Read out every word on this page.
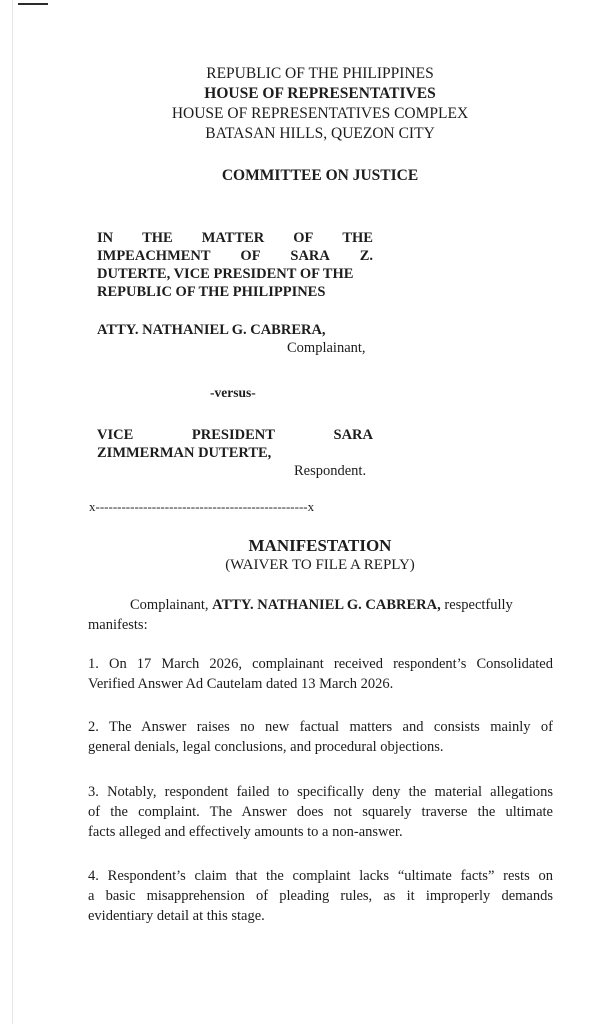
REPUBLIC OF THE PHILIPPINES
HOUSE OF REPRESENTATIVES
HOUSE OF REPRESENTATIVES COMPLEX
BATASAN HILLS, QUEZON CITY
COMMITTEE ON JUSTICE
IN THE MATTER OF THE
IMPEACHMENT OF SARA Z.
DUTERTE, VICE PRESIDENT OF THE
REPUBLIC OF THE PHILIPPINES
ATTY. NATHANIEL G. CABRERA,
Complainant,
-versus-
VICE	PRESIDENT	SARA
ZIMMERMAN DUTERTE,
Respondent.
x-------------------------------------------------x
MANIFESTATION
(WAIVER TO FILE A REPLY)
Complainant, ATTY. NATHANIEL G. CABRERA, respectfully
manifests:
1. On 17 March 2026, complainant received respondent’s Consolidated
Verified Answer Ad Cautelam dated 13 March 2026.
2. The Answer raises no new factual matters and consists mainly of
general denials, legal conclusions, and procedural objections.
3. Notably, respondent failed to specifically deny the material allegations
of the complaint. The Answer does not squarely traverse the ultimate
facts alleged and effectively amounts to a non-answer.
4. Respondent’s claim that the complaint lacks “ultimate facts” rests on
a basic misapprehension of pleading rules, as it improperly demands
evidentiary detail at this stage.
